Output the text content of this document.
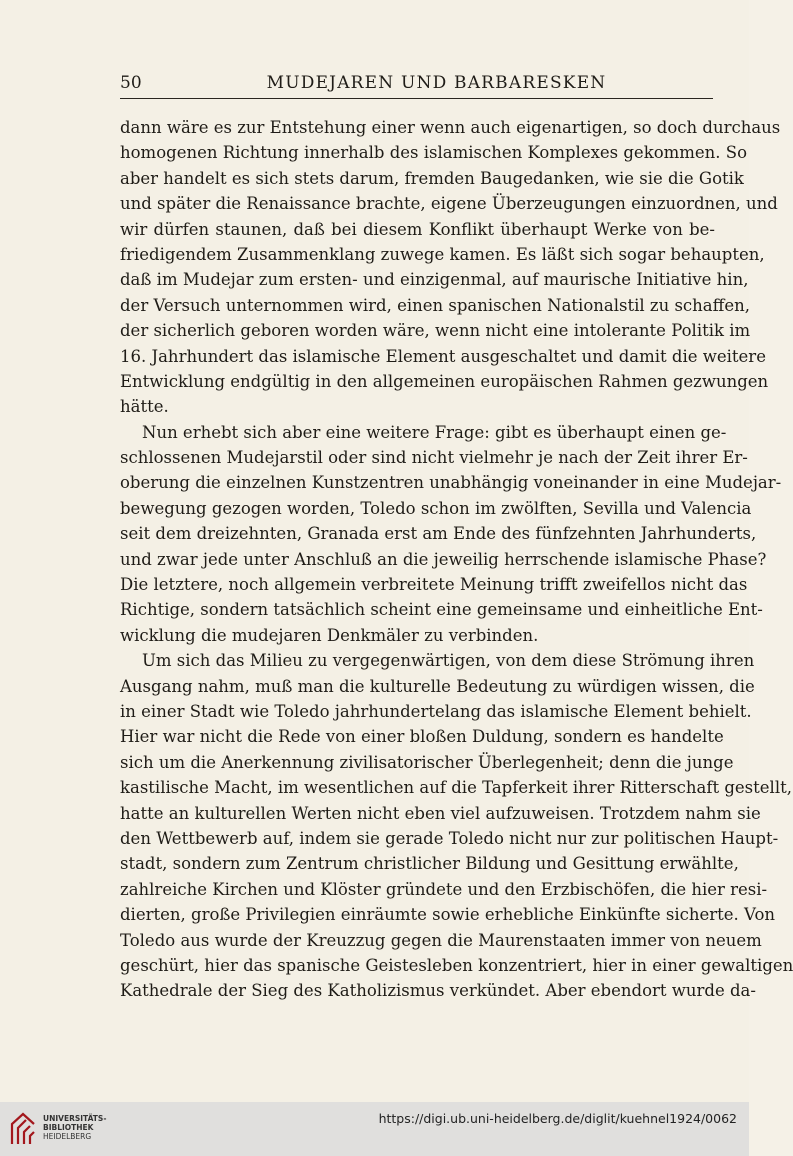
50	MUDEJAREN UND BARBARESKEN
dann wäre es zur Entstehung einer wenn auch eigenartigen, so doch durchaus
homogenen Richtung innerhalb des islamischen Komplexes gekommen. So
aber handelt es sich stets darum, fremden Baugedanken, wie sie die Gotik
und später die Renaissance brachte, eigene Überzeugungen einzuordnen, und
wir dürfen staunen, daß bei diesem Konflikt überhaupt Werke von be-
friedigendem Zusammenklang zuwege kamen. Es läßt sich sogar behaupten,
daß im Mudejar zum ersten- und einzigenmal, auf maurische Initiative hin,
der Versuch unternommen wird, einen spanischen Nationalstil zu schaffen,
der sicherlich geboren worden wäre, wenn nicht eine intolerante Politik im
16. Jahrhundert das islamische Element ausgeschaltet und damit die weitere
Entwicklung endgültig in den allgemeinen europäischen Rahmen gezwungen
hätte.
Nun erhebt sich aber eine weitere Frage: gibt es überhaupt einen ge-
schlossenen Mudejarstil oder sind nicht vielmehr je nach der Zeit ihrer Er-
oberung die einzelnen Kunstzentren unabhängig voneinander in eine Mudejar-
bewegung gezogen worden, Toledo schon im zwölften, Sevilla und Valencia
seit dem dreizehnten, Granada erst am Ende des fünfzehnten Jahrhunderts,
und zwar jede unter Anschluß an die jeweilig herrschende islamische Phase?
Die letztere, noch allgemein verbreitete Meinung trifft zweifellos nicht das
Richtige, sondern tatsächlich scheint eine gemeinsame und einheitliche Ent-
wicklung die mudejaren Denkmäler zu verbinden.
Um sich das Milieu zu vergegenwärtigen, von dem diese Strömung ihren
Ausgang nahm, muß man die kulturelle Bedeutung zu würdigen wissen, die
in einer Stadt wie Toledo jahrhundertelang das islamische Element behielt.
Hier war nicht die Rede von einer bloßen Duldung, sondern es handelte
sich um die Anerkennung zivilisatorischer Überlegenheit; denn die junge
kastilische Macht, im wesentlichen auf die Tapferkeit ihrer Ritterschaft gestellt,
hatte an kulturellen Werten nicht eben viel aufzuweisen. Trotzdem nahm sie
den Wettbewerb auf, indem sie gerade Toledo nicht nur zur politischen Haupt-
stadt, sondern zum Zentrum christlicher Bildung und Gesittung erwählte,
zahlreiche Kirchen und Klöster gründete und den Erzbischöfen, die hier resi-
dierten, große Privilegien einräumte sowie erhebliche Einkünfte sicherte. Von
Toledo aus wurde der Kreuzzug gegen die Maurenstaaten immer von neuem
geschürt, hier das spanische Geistesleben konzentriert, hier in einer gewaltigen
Kathedrale der Sieg des Katholizismus verkündet. Aber ebendort wurde da-
UNIVERSITÄTS-
BIBLIOTHEK
HEIDELBERG
https://digi.ub.uni-heidelberg.de/diglit/kuehnel1924/0062
